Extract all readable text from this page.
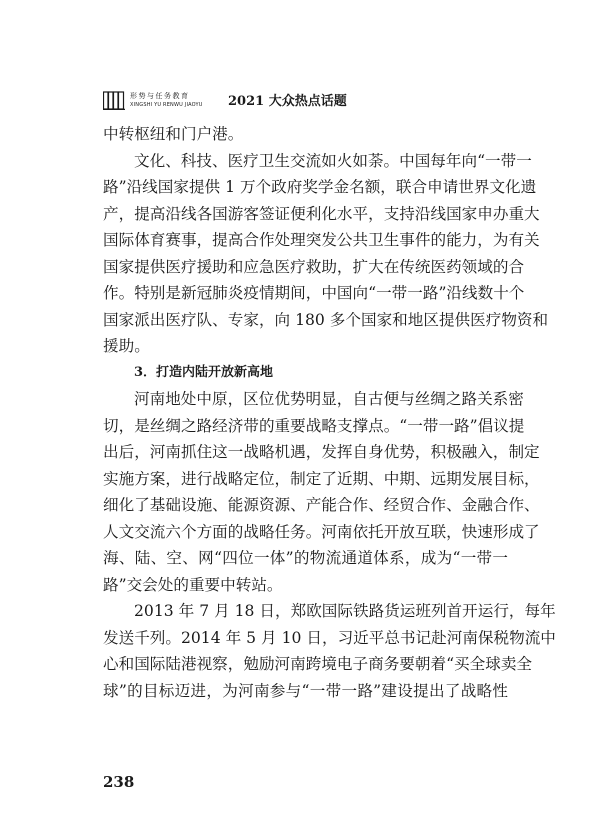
形势与任务教育
XINGSHI YU RENWU JIAOYU	2021 大众热点话题
中转枢纽和门户港。
文化、科技、医疗卫生交流如火如荼。中国每年向“一带一
路”沿线国家提供 1 万个政府奖学金名额，联合申请世界文化遗
产，提高沿线各国游客签证便利化水平，支持沿线国家申办重大
国际体育赛事，提高合作处理突发公共卫生事件的能力，为有关
国家提供医疗援助和应急医疗救助，扩大在传统医药领域的合
作。特别是新冠肺炎疫情期间，中国向“一带一路”沿线数十个
国家派出医疗队、专家，向 180 多个国家和地区提供医疗物资和
援助。
3．打造内陆开放新高地
河南地处中原，区位优势明显，自古便与丝绸之路关系密
切，是丝绸之路经济带的重要战略支撑点。“一带一路”倡议提
出后，河南抓住这一战略机遇，发挥自身优势，积极融入，制定
实施方案，进行战略定位，制定了近期、中期、远期发展目标，
细化了基础设施、能源资源、产能合作、经贸合作、金融合作、
人文交流六个方面的战略任务。河南依托开放互联，快速形成了
海、陆、空、网“四位一体”的物流通道体系，成为“一带一
路”交会处的重要中转站。
2013 年 7 月 18 日，郑欧国际铁路货运班列首开运行，每年
发送千列。2014 年 5 月 10 日，习近平总书记赴河南保税物流中
心和国际陆港视察，勉励河南跨境电子商务要朝着“买全球卖全
球”的目标迈进，为河南参与“一带一路”建设提出了战略性
238
